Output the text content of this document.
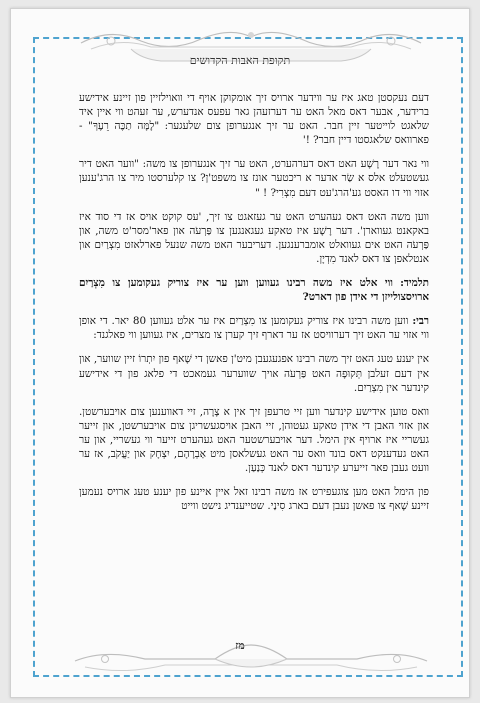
תקופת האבות הקדושים

דעם נעקסטן טאג איז ער ווידער ארויס זיך אומקוקן אויף די וואוילזיין פון זיינע אידישע ברידער, אבער דאס מאל האט ער דערזעהן גאר עפעס אנדערש, ער זעהט ווי איין איד שלאגט לוייטער זיין חבר. האט ער זיך אנגערופן צום שלעגער: "לָמָּה תַכֶּה רֵעֶךָ" -פארוואס שלאגסטו דיין חבר? !'

ווי נאר דער רָשָׁע האט דאס דערהערט, האט ער זיך אנגערופן צו משה: "ווער האט דיר געשטעלט אלס א שַׂר אדער א ריכטער אונז צו משפט'ן? צו קלערסטו מיר צו הרג'ענען אזוי ווי דו האסט גע'הרג'עט דעם מִצְרִי? ! "

ווען משה האט דאס געהערט האט ער געזאגט צו זיך, 'עס קוקט אויס אז די סוד איז באקאנט געווארן'. דער רָשָׁע איז טאקע געגאנגען צו פַּרְעֹה און פאר'מסר'ט משה, און פַּרְעֹה האט אים געוואלט אומברענגען. דעריבער האט משה שנעל פארלאזט מִצְרַיִם און אנטלאפן צו דאס לאנד מִדְיָן.

תלמיד: ווי אלט איז משה רבינו געווען ווען ער איז צוריק געקומען צו מִצְרַיִם ארויסצולייזן די אידן פון דארט?

רבי: ווען משה רבינו איז צוריק געקומען צו מִצְרַיִם איז ער אלט געווען 80 יאר. די אופן ווי אזוי ער האט זיך דערוויסט אז ער דארף זיך קערן צו מצרים, איז געווען ווי פאלגנד:

אין יענע טעג האט זיך משה רבינו אפגעגעבן מיט'ן פאשן די שָׁאף פון יִתְרוֹ זיין שווער, און אין דעם זעלבן תְּקוּפָה האט פַּרְעֹה אויך שווערער געמאכט די פלאג פון די אידישע קינדער אין מִצְרַיִם.

וואס טוען אידישע קינדער ווען זיי טרעפן זיך אין א צָרָה, זיי דאווענען צום אויבערשטן. און אזוי האבן די אידן טאקע געטוהן, זיי האבן אויסגעשריגן צום אויבערשטן, און זייער געשריי איז ארויף אין הימל. דער אויבערשטער האט געהערט זייער ווי געשריי, און ער האט געדענקט דאס בונד וואס ער האט געשלאסן מיט אַבְרָהָם, יִצְחָק און יַעֲקֹב, אז ער וועט געבן פאר זייערע קינדער דאס לאנד כְּנַעַן.

פון הימל האט מען צוגעפירט אז משה רבינו זאל איין איינע פון יענע טעג ארויס נעמען זיינע שָׁאף צו פאשן נעבן דעם בארג סִינַי. שטייענדיג נישט ווייט

מז
